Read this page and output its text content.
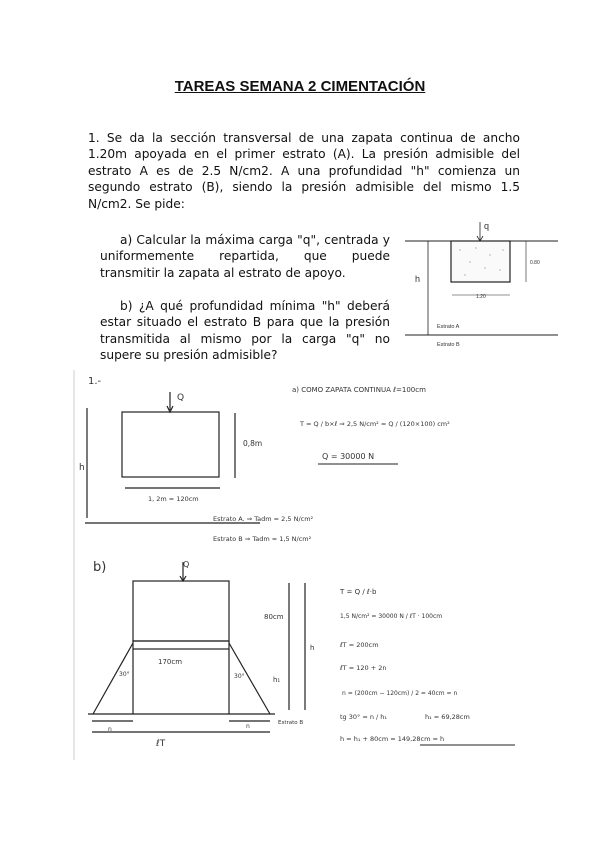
TAREAS SEMANA 2 CIMENTACIÓN
1. Se da la sección transversal de una zapata continua de ancho 1.20m apoyada en el primer estrato (A). La presión admisible del estrato A es de 2.5 N/cm2. A una profundidad "h" comienza un segundo estrato (B), siendo la presión admisible del mismo 1.5 N/cm2. Se pide:
a) Calcular la máxima carga "q", centrada y uniformemente repartida, que puede transmitir la zapata al estrato de apoyo.
b) ¿A qué profundidad mínima "h" deberá estar situado el estrato B para que la presión transmitida al mismo por la carga "q" no supere su presión admisible?
q
0.80
1.20
h
Estrato A
Estrato B
1.-
Q
h
0,8m
1, 2m = 120cm
Estrato A. ⇒ Tadm = 2,5 N/cm²
Estrato B ⇒ Tadm = 1,5 N/cm²
a) COMO ZAPATA CONTINUA ℓ=100cm
T = Q / b×ℓ ⇒ 2,5 N/cm² = Q / (120×100) cm²
Q = 30000 N
b)	Q
80cm
h
h₁
170cm
30°	30°
n	n
ℓT
Estrato B
T = Q / ℓ·b
1,5 N/cm² = 30000 N / ℓT · 100cm
ℓT = 200cm
ℓT = 120 + 2n
n = (200cm − 120cm) / 2 = 40cm = n
tg 30° = n / h₁	h₁ = 69,28cm
h = h₁ + 80cm = 149,28cm = h
